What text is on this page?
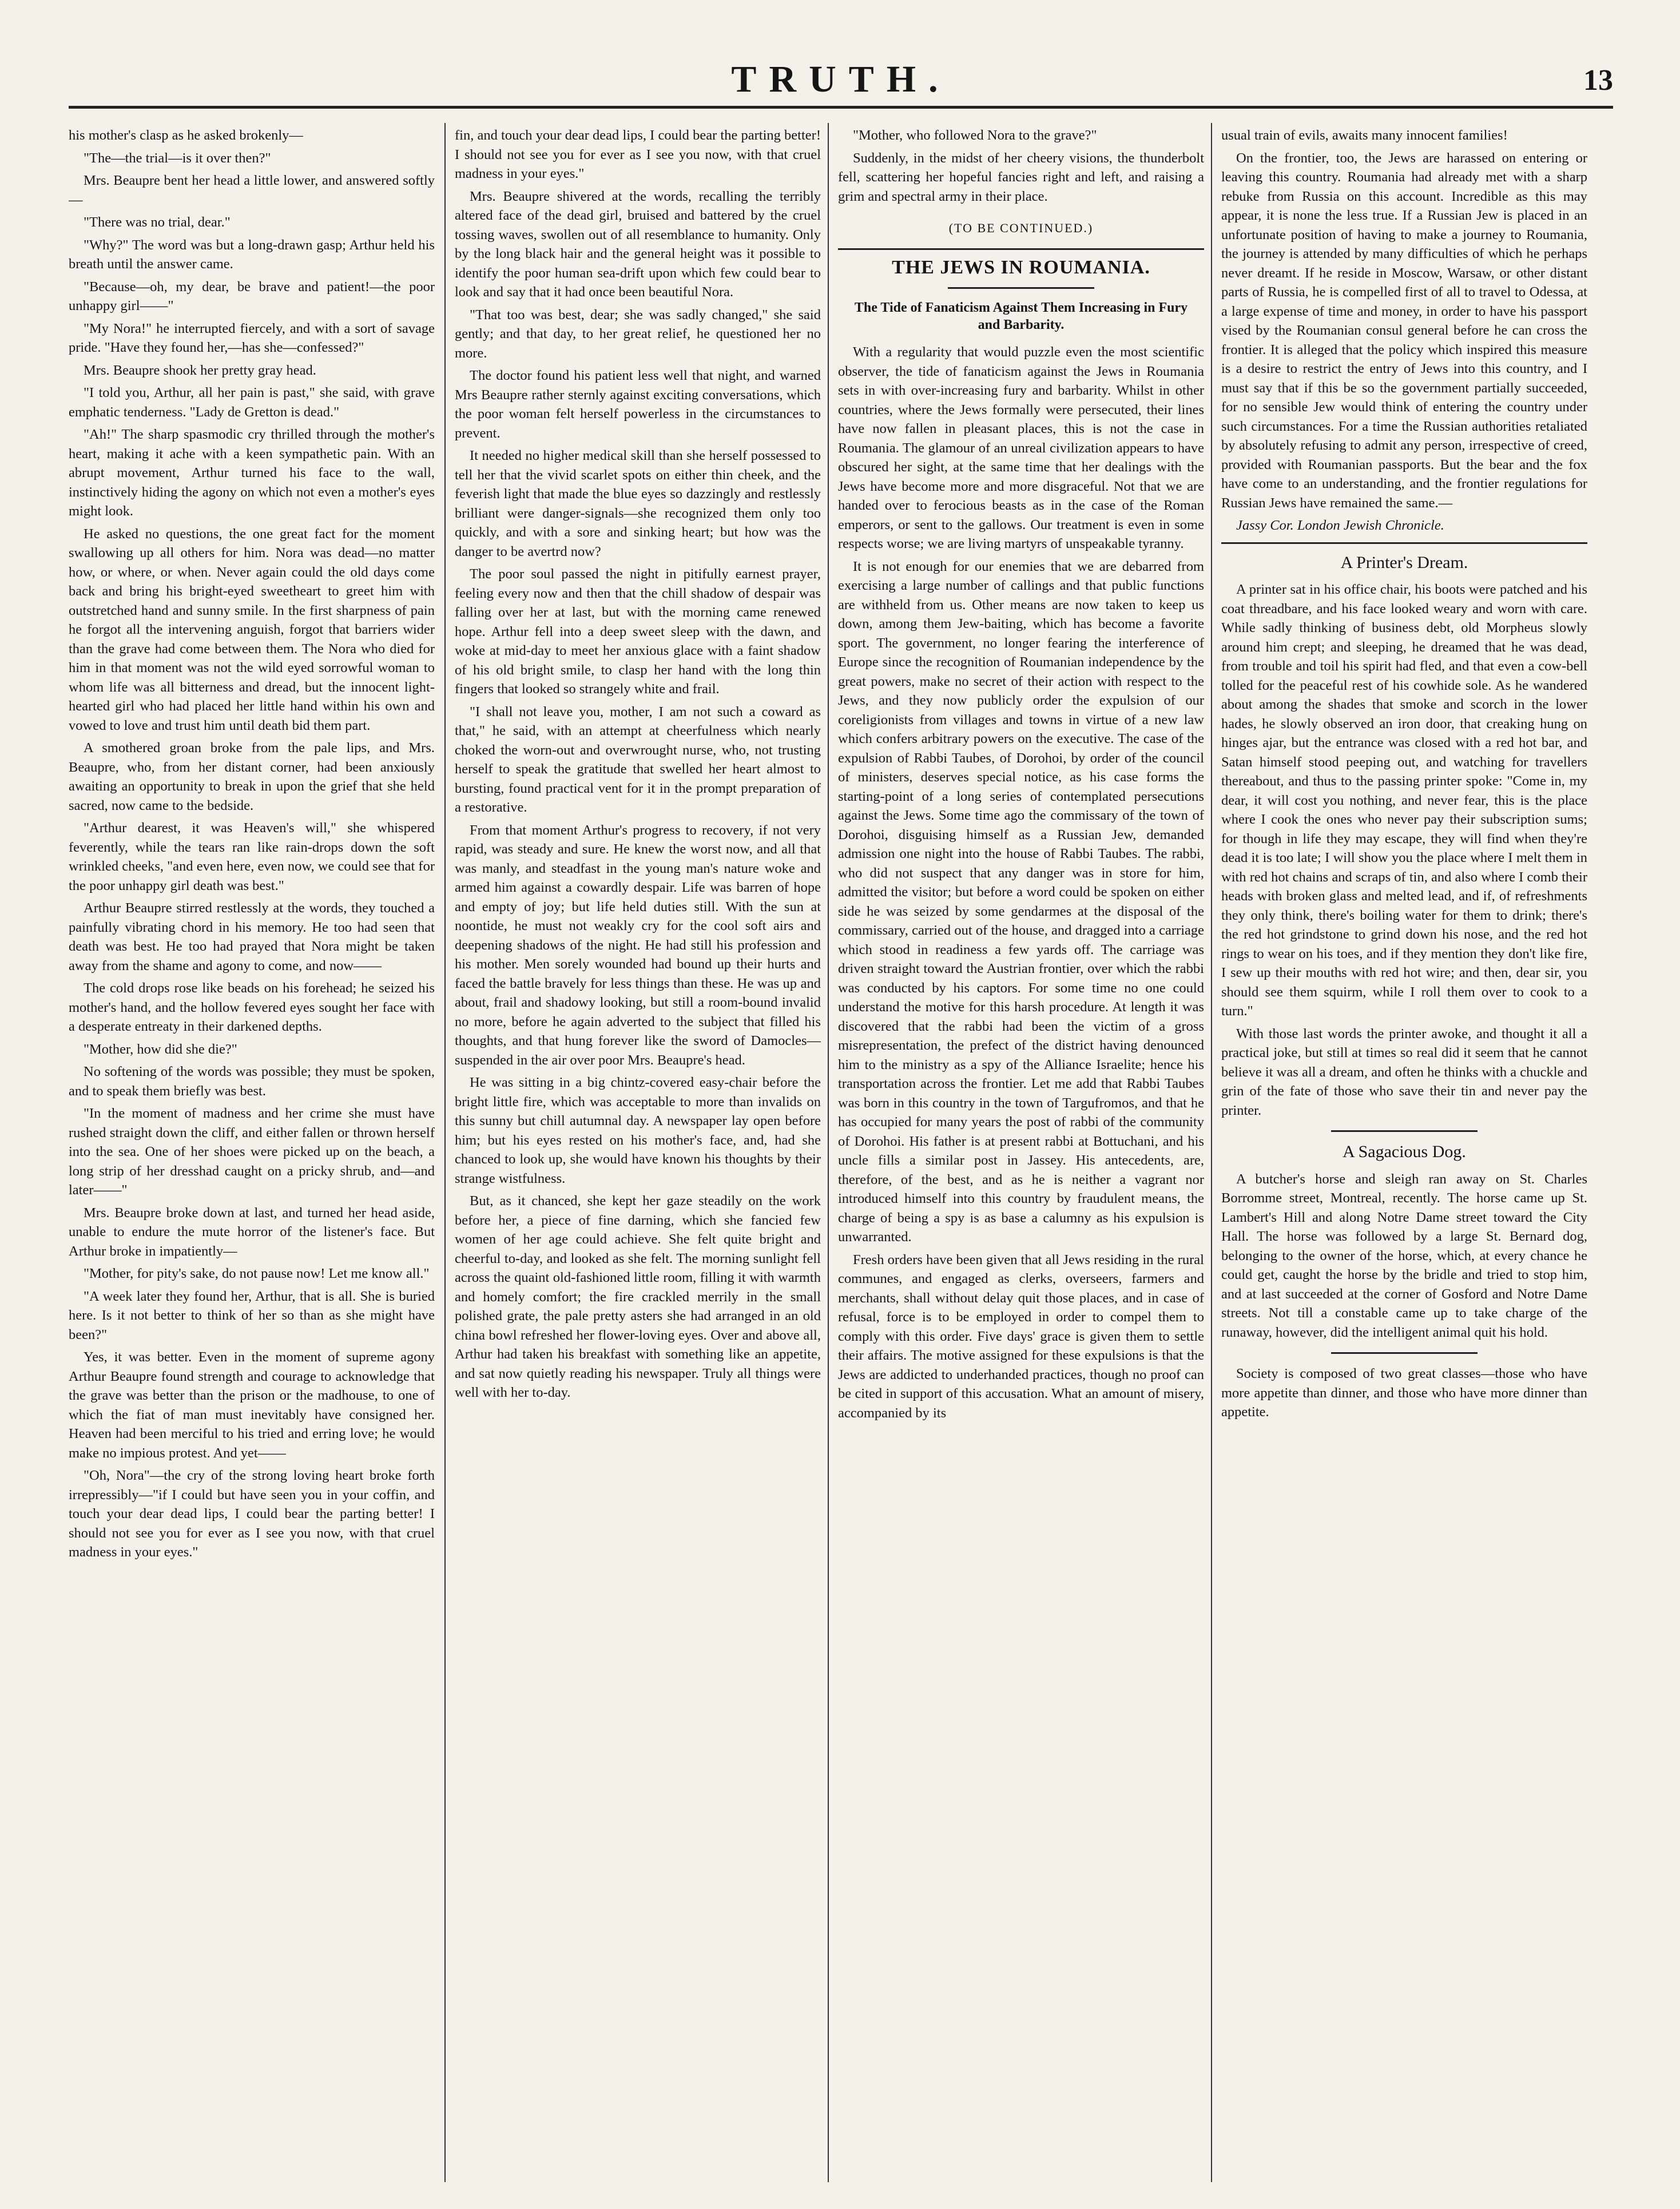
TRUTH.	13

his mother's clasp as he asked brokenly—

"The—the trial—is it over then?"

Mrs. Beaupre bent her head a little lower, and answered softly—

"There was no trial, dear."

"Why?" The word was but a long-drawn gasp; Arthur held his breath until the answer came.

"Because—oh, my dear, be brave and patient!—the poor unhappy girl——"

"My Nora!" he interrupted fiercely, and with a sort of savage pride. "Have they found her,—has she—confessed?"

Mrs. Beaupre shook her pretty gray head.

"I told you, Arthur, all her pain is past," she said, with grave emphatic tenderness. "Lady de Gretton is dead."

"Ah!" The sharp spasmodic cry thrilled through the mother's heart, making it ache with a keen sympathetic pain. With an abrupt movement, Arthur turned his face to the wall, instinctively hiding the agony on which not even a mother's eyes might look.

He asked no questions, the one great fact for the moment swallowing up all others for him. Nora was dead—no matter how, or where, or when. Never again could the old days come back and bring his bright-eyed sweetheart to greet him with outstretched hand and sunny smile. In the first sharpness of pain he forgot all the intervening anguish, forgot that barriers wider than the grave had come between them. The Nora who died for him in that moment was not the wild eyed sorrowful woman to whom life was all bitterness and dread, but the innocent light-hearted girl who had placed her little hand within his own and vowed to love and trust him until death bid them part.

A smothered groan broke from the pale lips, and Mrs. Beaupre, who, from her distant corner, had been anxiously awaiting an opportunity to break in upon the grief that she held sacred, now came to the bedside.

"Arthur dearest, it was Heaven's will," she whispered feverently, while the tears ran like rain-drops down the soft wrinkled cheeks, "and even here, even now, we could see that for the poor unhappy girl death was best."

Arthur Beaupre stirred restlessly at the words, they touched a painfully vibrating chord in his memory. He too had seen that death was best. He too had prayed that Nora might be taken away from the shame and agony to come, and now——

The cold drops rose like beads on his forehead; he seized his mother's hand, and the hollow fevered eyes sought her face with a desperate entreaty in their darkened depths.

"Mother, how did she die?"

No softening of the words was possible; they must be spoken, and to speak them briefly was best.

"In the moment of madness and her crime she must have rushed straight down the cliff, and either fallen or thrown herself into the sea. One of her shoes were picked up on the beach, a long strip of her dresshad caught on a pricky shrub, and—and later——"

Mrs. Beaupre broke down at last, and turned her head aside, unable to endure the mute horror of the listener's face. But Arthur broke in impatiently—

"Mother, for pity's sake, do not pause now! Let me know all."

"A week later they found her, Arthur, that is all. She is buried here. Is it not better to think of her so than as she might have been?"

Yes, it was better. Even in the moment of supreme agony Arthur Beaupre found strength and courage to acknowledge that the grave was better than the prison or the madhouse, to one of which the fiat of man must inevitably have consigned her. Heaven had been merciful to his tried and erring love; he would make no impious protest. And yet——

"Oh, Nora"—the cry of the strong loving heart broke forth irrepressibly—"if I could but have seen you in your coffin, and touch your dear dead lips, I could bear the parting better! I should not see you for ever as I see you now, with that cruel madness in your eyes."

fin, and touch your dear dead lips, I could bear the parting better! I should not see you for ever as I see you now, with that cruel madness in your eyes."

Mrs. Beaupre shivered at the words, recalling the terribly altered face of the dead girl, bruised and battered by the cruel tossing waves, swollen out of all resemblance to humanity. Only by the long black hair and the general height was it possible to identify the poor human sea-drift upon which few could bear to look and say that it had once been beautiful Nora.

"That too was best, dear; she was sadly changed," she said gently; and that day, to her great relief, he questioned her no more.

The doctor found his patient less well that night, and warned Mrs Beaupre rather sternly against exciting conversations, which the poor woman felt herself powerless in the circumstances to prevent.

It needed no higher medical skill than she herself possessed to tell her that the vivid scarlet spots on either thin cheek, and the feverish light that made the blue eyes so dazzingly and restlessly brilliant were danger-signals—she recognized them only too quickly, and with a sore and sinking heart; but how was the danger to be avertrd now?

The poor soul passed the night in pitifully earnest prayer, feeling every now and then that the chill shadow of despair was falling over her at last, but with the morning came renewed hope. Arthur fell into a deep sweet sleep with the dawn, and woke at mid-day to meet her anxious glace with a faint shadow of his old bright smile, to clasp her hand with the long thin fingers that looked so strangely white and frail.

"I shall not leave you, mother, I am not such a coward as that," he said, with an attempt at cheerfulness which nearly choked the worn-out and overwrought nurse, who, not trusting herself to speak the gratitude that swelled her heart almost to bursting, found practical vent for it in the prompt preparation of a restorative.

From that moment Arthur's progress to recovery, if not very rapid, was steady and sure. He knew the worst now, and all that was manly, and steadfast in the young man's nature woke and armed him against a cowardly despair. Life was barren of hope and empty of joy; but life held duties still. With the sun at noontide, he must not weakly cry for the cool soft airs and deepening shadows of the night. He had still his profession and his mother. Men sorely wounded had bound up their hurts and faced the battle bravely for less things than these. He was up and about, frail and shadowy looking, but still a room-bound invalid no more, before he again adverted to the subject that filled his thoughts, and that hung forever like the sword of Damocles—suspended in the air over poor Mrs. Beaupre's head.

He was sitting in a big chintz-covered easy-chair before the bright little fire, which was acceptable to more than invalids on this sunny but chill autumnal day. A newspaper lay open before him; but his eyes rested on his mother's face, and, had she chanced to look up, she would have known his thoughts by their strange wistfulness.

But, as it chanced, she kept her gaze steadily on the work before her, a piece of fine darning, which she fancied few women of her age could achieve. She felt quite bright and cheerful to-day, and looked as she felt. The morning sunlight fell across the quaint old-fashioned little room, filling it with warmth and homely comfort; the fire crackled merrily in the small polished grate, the pale pretty asters she had arranged in an old china bowl refreshed her flower-loving eyes. Over and above all, Arthur had taken his breakfast with something like an appetite, and sat now quietly reading his newspaper. Truly all things were well with her to-day.

"Mother, who followed Nora to the grave?"

Suddenly, in the midst of her cheery visions, the thunderbolt fell, scattering her hopeful fancies right and left, and raising a grim and spectral army in their place.

(TO BE CONTINUED.)
THE JEWS IN ROUMANIA.
The Tide of Fanaticism Against Them Increasing in Fury and Barbarity.

With a regularity that would puzzle even the most scientific observer, the tide of fanaticism against the Jews in Roumania sets in with over-increasing fury and barbarity. Whilst in other countries, where the Jews formally were persecuted, their lines have now fallen in pleasant places, this is not the case in Roumania. The glamour of an unreal civilization appears to have obscured her sight, at the same time that her dealings with the Jews have become more and more disgraceful. Not that we are handed over to ferocious beasts as in the case of the Roman emperors, or sent to the gallows. Our treatment is even in some respects worse; we are living martyrs of unspeakable tyranny.

It is not enough for our enemies that we are debarred from exercising a large number of callings and that public functions are withheld from us. Other means are now taken to keep us down, among them Jew-baiting, which has become a favorite sport. The government, no longer fearing the interference of Europe since the recognition of Roumanian independence by the great powers, make no secret of their action with respect to the Jews, and they now publicly order the expulsion of our coreligionists from villages and towns in virtue of a new law which confers arbitrary powers on the executive. The case of the expulsion of Rabbi Taubes, of Dorohoi, by order of the council of ministers, deserves special notice, as his case forms the starting-point of a long series of contemplated persecutions against the Jews. Some time ago the commissary of the town of Dorohoi, disguising himself as a Russian Jew, demanded admission one night into the house of Rabbi Taubes. The rabbi, who did not suspect that any danger was in store for him, admitted the visitor; but before a word could be spoken on either side he was seized by some gendarmes at the disposal of the commissary, carried out of the house, and dragged into a carriage which stood in readiness a few yards off. The carriage was driven straight toward the Austrian frontier, over which the rabbi was conducted by his captors. For some time no one could understand the motive for this harsh procedure. At length it was discovered that the rabbi had been the victim of a gross misrepresentation, the prefect of the district having denounced him to the ministry as a spy of the Alliance Israelite; hence his transportation across the frontier. Let me add that Rabbi Taubes was born in this country in the town of Targufromos, and that he has occupied for many years the post of rabbi of the community of Dorohoi. His father is at present rabbi at Bottuchani, and his uncle fills a similar post in Jassey. His antecedents, are, therefore, of the best, and as he is neither a vagrant nor introduced himself into this country by fraudulent means, the charge of being a spy is as base a calumny as his expulsion is unwarranted.

Fresh orders have been given that all Jews residing in the rural communes, and engaged as clerks, overseers, farmers and merchants, shall without delay quit those places, and in case of refusal, force is to be employed in order to compel them to comply with this order. Five days' grace is given them to settle their affairs. The motive assigned for these expulsions is that the Jews are addicted to underhanded practices, though no proof can be cited in support of this accusation. What an amount of misery, accompanied by its

usual train of evils, awaits many innocent families!

On the frontier, too, the Jews are harassed on entering or leaving this country. Roumania had already met with a sharp rebuke from Russia on this account. Incredible as this may appear, it is none the less true. If a Russian Jew is placed in an unfortunate position of having to make a journey to Roumania, the journey is attended by many difficulties of which he perhaps never dreamt. If he reside in Moscow, Warsaw, or other distant parts of Russia, he is compelled first of all to travel to Odessa, at a large expense of time and money, in order to have his passport vised by the Roumanian consul general before he can cross the frontier. It is alleged that the policy which inspired this measure is a desire to restrict the entry of Jews into this country, and I must say that if this be so the government partially succeeded, for no sensible Jew would think of entering the country under such circumstances. For a time the Russian authorities retaliated by absolutely refusing to admit any person, irrespective of creed, provided with Roumanian passports. But the bear and the fox have come to an understanding, and the frontier regulations for Russian Jews have remained the same.—

Jassy Cor. London Jewish Chronicle.

A Printer's Dream.

A printer sat in his office chair, his boots were patched and his coat threadbare, and his face looked weary and worn with care. While sadly thinking of business debt, old Morpheus slowly around him crept; and sleeping, he dreamed that he was dead, from trouble and toil his spirit had fled, and that even a cow-bell tolled for the peaceful rest of his cowhide sole. As he wandered about among the shades that smoke and scorch in the lower hades, he slowly observed an iron door, that creaking hung on hinges ajar, but the entrance was closed with a red hot bar, and Satan himself stood peeping out, and watching for travellers thereabout, and thus to the passing printer spoke: "Come in, my dear, it will cost you nothing, and never fear, this is the place where I cook the ones who never pay their subscription sums; for though in life they may escape, they will find when they're dead it is too late; I will show you the place where I melt them in with red hot chains and scraps of tin, and also where I comb their heads with broken glass and melted lead, and if, of refreshments they only think, there's boiling water for them to drink; there's the red hot grindstone to grind down his nose, and the red hot rings to wear on his toes, and if they mention they don't like fire, I sew up their mouths with red hot wire; and then, dear sir, you should see them squirm, while I roll them over to cook to a turn."

With those last words the printer awoke, and thought it all a practical joke, but still at times so real did it seem that he cannot believe it was all a dream, and often he thinks with a chuckle and grin of the fate of those who save their tin and never pay the printer.

A Sagacious Dog.

A butcher's horse and sleigh ran away on St. Charles Borromme street, Montreal, recently. The horse came up St. Lambert's Hill and along Notre Dame street toward the City Hall. The horse was followed by a large St. Bernard dog, belonging to the owner of the horse, which, at every chance he could get, caught the horse by the bridle and tried to stop him, and at last succeeded at the corner of Gosford and Notre Dame streets. Not till a constable came up to take charge of the runaway, however, did the intelligent animal quit his hold.

Society is composed of two great classes—those who have more appetite than dinner, and those who have more dinner than appetite.
